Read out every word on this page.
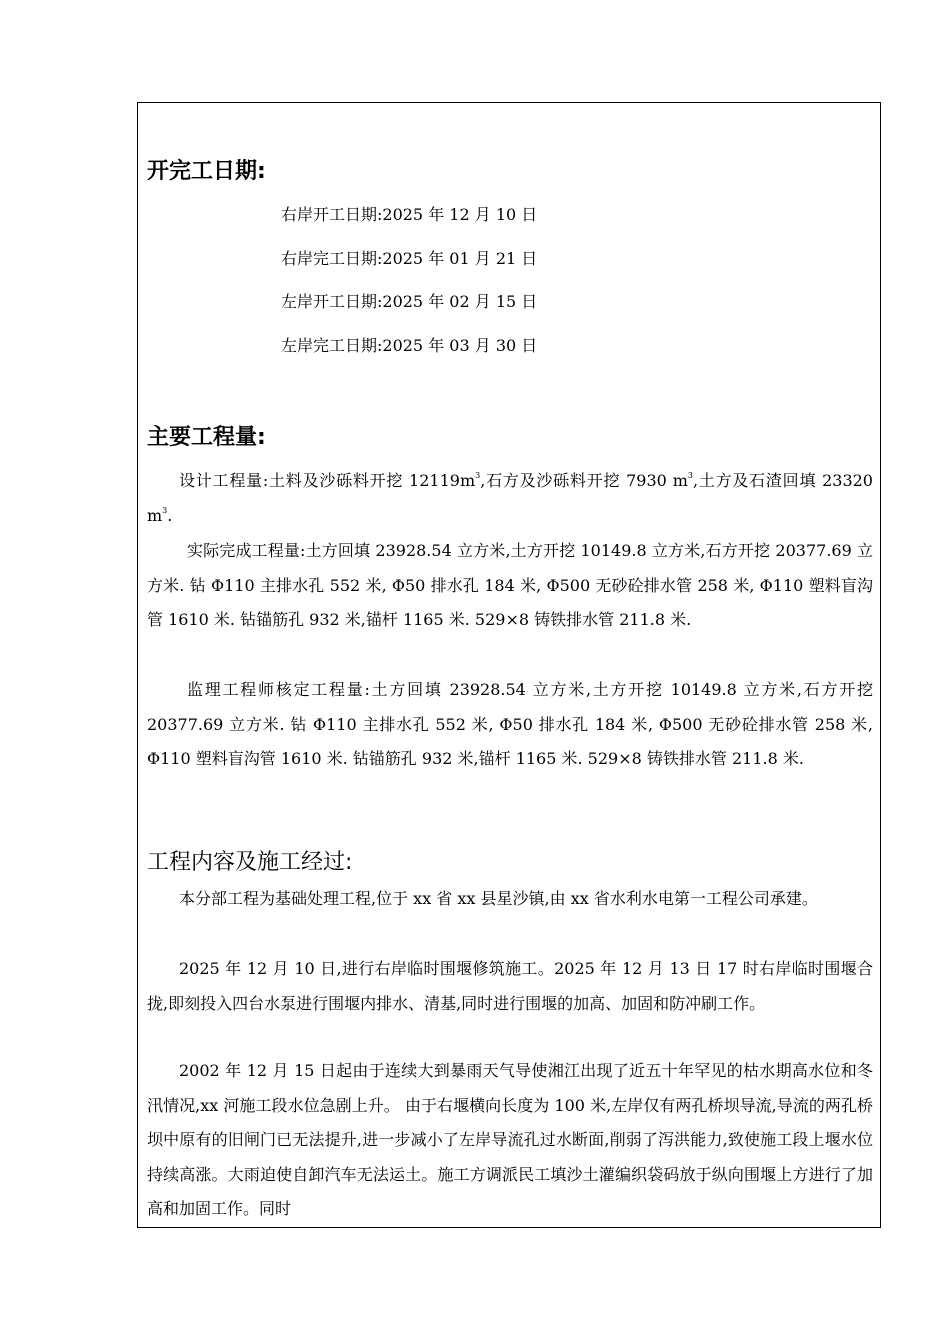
开完工日期:
右岸开工日期:2025 年 12 月 10 日
右岸完工日期:2025 年 01 月 21 日
左岸开工日期:2025 年 02 月 15 日
左岸完工日期:2025 年 03 月 30 日
主要工程量:

设计工程量:土料及沙砾料开挖 $12119m^3$,石方及沙砾料开挖 7930 $m^3$,土方及石渣回填 23320 $m^3$.

实际完成工程量:土方回填 23928.54 立方米,土方开挖 10149.8 立方米,石方开挖 20377.69 立方米. 钻 Φ110 主排水孔 552 米, Φ50 排水孔 184 米, Φ500 无砂砼排水管 258 米, Φ110 塑料盲沟管 1610 米. 钻锚筋孔 932 米,锚杆 1165 米. 529×8 铸铁排水管 211.8 米.

监理工程师核定工程量:土方回填 23928.54 立方米,土方开挖 10149.8 立方米,石方开挖 20377.69 立方米. 钻 Φ110 主排水孔 552 米, Φ50 排水孔 184 米, Φ500 无砂砼排水管 258 米, Φ110 塑料盲沟管 1610 米. 钻锚筋孔 932 米,锚杆 1165 米. 529×8 铸铁排水管 211.8 米.

工程内容及施工经过:

本分部工程为基础处理工程,位于 xx 省 xx 县星沙镇,由 xx 省水利水电第一工程公司承建。

2025 年 12 月 10 日,进行右岸临时围堰修筑施工。2025 年 12 月 13 日 17 时右岸临时围堰合拢,即刻投入四台水泵进行围堰内排水、清基,同时进行围堰的加高、加固和防冲刷工作。

2002 年 12 月 15 日起由于连续大到暴雨天气导使湘江出现了近五十年罕见的枯水期高水位和冬汛情况,xx 河施工段水位急剧上升。 由于右堰横向长度为 100 米,左岸仅有两孔桥坝导流,导流的两孔桥坝中原有的旧闸门已无法提升,进一步减小了左岸导流孔过水断面,削弱了泻洪能力,致使施工段上堰水位持续高涨。大雨迫使自卸汽车无法运土。施工方调派民工填沙土灌编织袋码放于纵向围堰上方进行了加高和加固工作。同时
